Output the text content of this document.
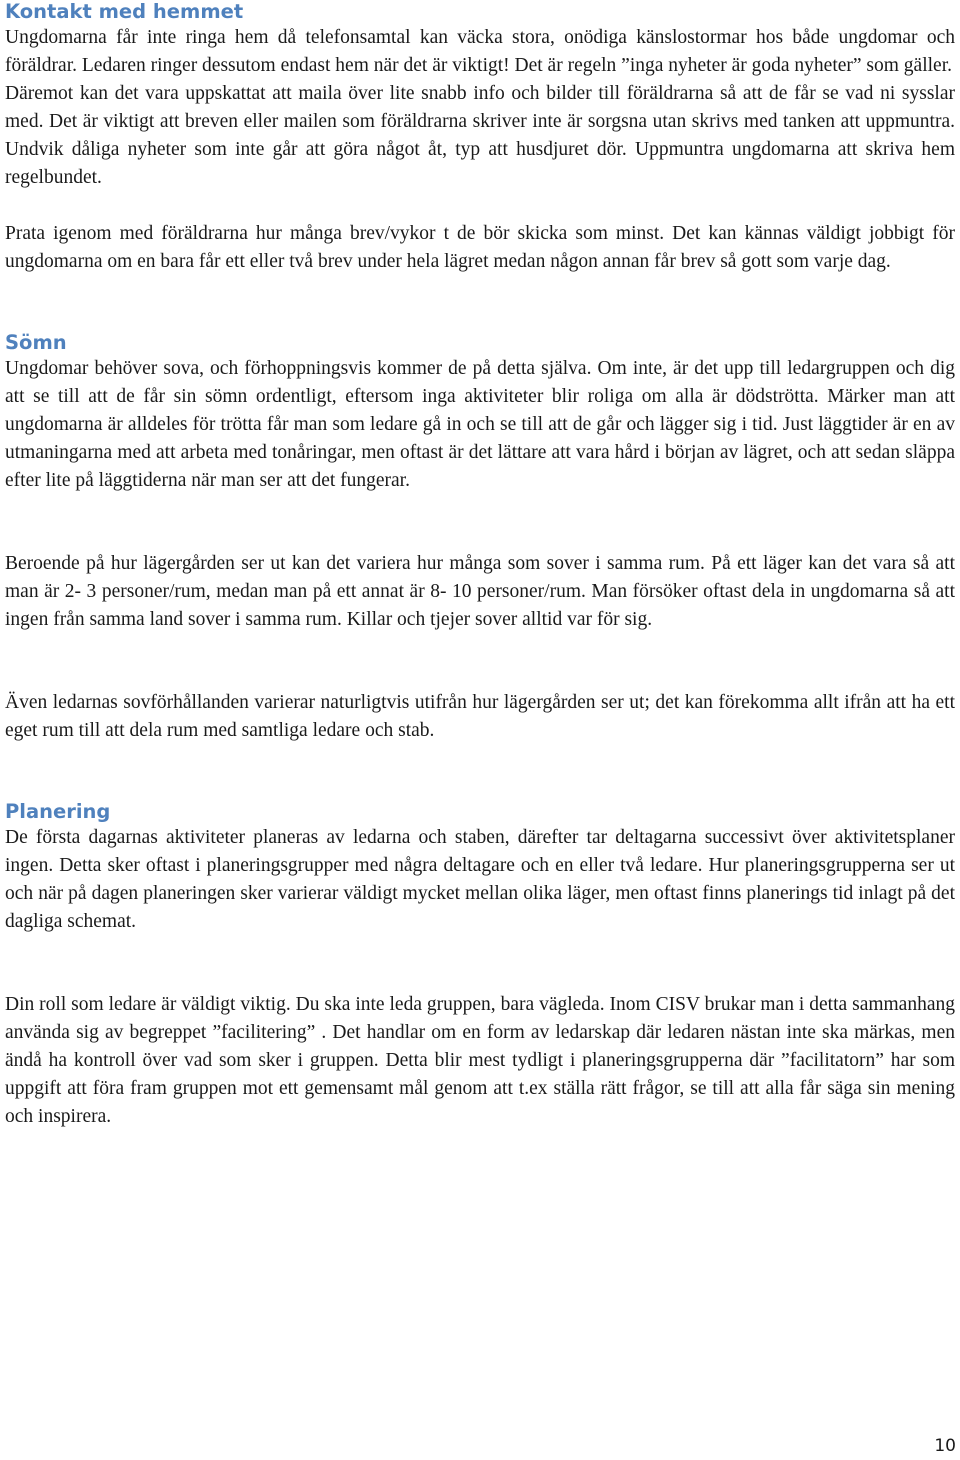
Kontakt med hemmet

Ungdomarna får inte ringa hem då telefonsamtal kan väcka stora, onödiga känslostormar hos både ungdomar och föräldrar. Ledaren ringer dessutom endast hem när det är viktigt! Det är regeln ”inga nyheter är goda nyheter” som gäller.

Däremot kan det vara uppskattat att maila över lite snabb info och bilder till föräldrarna så att de får se vad ni sysslar med. Det är viktigt att breven eller mailen som föräldrarna skriver inte är sorgsna utan skrivs med tanken att uppmuntra. Undvik dåliga nyheter som inte går att göra något åt, typ att husdjuret dör. Uppmuntra ungdomarna att skriva hem regelbundet.

Prata igenom med föräldrarna hur många brev/vykor t de bör skicka som minst. Det kan kännas väldigt jobbigt för ungdomarna om en bara får ett eller två brev under hela lägret medan någon annan får brev så gott som varje dag.

Sömn

Ungdomar behöver sova, och förhoppningsvis kommer de på detta själva. Om inte, är det upp till ledargruppen och dig att se till att de får sin sömn ordentligt, eftersom inga aktiviteter blir roliga om alla är dödströtta. Märker man att ungdomarna är alldeles för trötta får man som ledare gå in och se till att de går och lägger sig i tid. Just läggtider är en av utmaningarna med att arbeta med tonåringar, men oftast är det lättare att vara hård i början av lägret, och att sedan släppa efter lite på läggtiderna när man ser att det fungerar.

Beroende på hur lägergården ser ut kan det variera hur många som sover i samma rum. På ett läger kan det vara så att man är 2- 3 personer/rum, medan man på ett annat är 8- 10 personer/rum. Man försöker oftast dela in ungdomarna så att ingen från samma land sover i samma rum. Killar och tjejer sover alltid var för sig.

Även ledarnas sovförhållanden varierar naturligtvis utifrån hur lägergården ser ut; det kan förekomma allt ifrån att ha ett eget rum till att dela rum med samtliga ledare och stab.

Planering

De första dagarnas aktiviteter planeras av ledarna och staben, därefter tar deltagarna successivt över aktivitetsplaner ingen. Detta sker oftast i planeringsgrupper med några deltagare och en eller två ledare. Hur planeringsgrupperna ser ut och när på dagen planeringen sker varierar väldigt mycket mellan olika läger, men oftast finns planerings tid inlagt på det dagliga schemat.

Din roll som ledare är väldigt viktig. Du ska inte leda gruppen, bara vägleda. Inom CISV brukar man i detta sammanhang använda sig av begreppet ”facilitering” . Det handlar om en form av ledarskap där ledaren nästan inte ska märkas, men ändå ha kontroll över vad som sker i gruppen. Detta blir mest tydligt i planeringsgrupperna där ”facilitatorn” har som uppgift att föra fram gruppen mot ett gemensamt mål genom att t.ex ställa rätt frågor, se till att alla får säga sin mening och inspirera.

10
